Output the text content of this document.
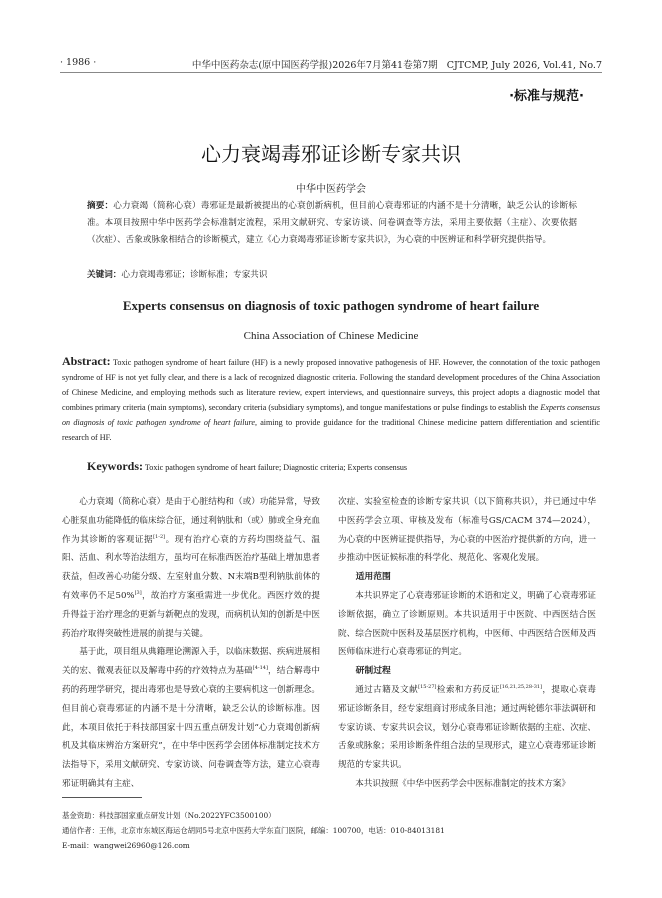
· 1986 ·	中华中医药杂志(原中国医药学报)2026年7月第41卷第7期 CJTCMP, July 2026, Vol.41, No.7
·标准与规范·
心力衰竭毒邪证诊断专家共识
中华中医药学会
摘要：心力衰竭（简称心衰）毒邪证是最新被提出的心衰创新病机，但目前心衰毒邪证的内涵不是十分清晰，缺乏公认的诊断标准。本项目按照中华中医药学会标准制定流程，采用文献研究、专家访谈、问卷调查等方法，采用主要依据（主症）、次要依据（次症）、舌象或脉象相结合的诊断模式，建立《心力衰竭毒邪证诊断专家共识》，为心衰的中医辨证和科学研究提供指导。
关键词：心力衰竭毒邪证；诊断标准；专家共识
Experts consensus on diagnosis of toxic pathogen syndrome of heart failure
China Association of Chinese Medicine
Abstract: Toxic pathogen syndrome of heart failure (HF) is a newly proposed innovative pathogenesis of HF. However, the connotation of the toxic pathogen syndrome of HF is not yet fully clear, and there is a lack of recognized diagnostic criteria. Following the standard development procedures of the China Association of Chinese Medicine, and employing methods such as literature review, expert interviews, and questionnaire surveys, this project adopts a diagnostic model that combines primary criteria (main symptoms), secondary criteria (subsidiary symptoms), and tongue manifestations or pulse findings to establish the Experts consensus on diagnosis of toxic pathogen syndrome of heart failure, aiming to provide guidance for the traditional Chinese medicine pattern differentiation and scientific research of HF.
Keywords: Toxic pathogen syndrome of heart failure; Diagnostic criteria; Experts consensus

心力衰竭（简称心衰）是由于心脏结构和（或）功能异常，导致心脏泵血功能降低的临床综合征，通过利钠肽和（或）肺或全身充血作为其诊断的客观证据[1-2]。现有治疗心衰的方药均围绕益气、温阳、活血、利水等治法组方，虽均可在标准西医治疗基础上增加患者获益，但改善心功能分级、左室射血分数、N末端B型利钠肽前体的有效率仍不足50%[3]，故治疗方案亟需进一步优化。西医疗效的提升得益于治疗理念的更新与新靶点的发现，而病机认知的创新是中医药治疗取得突破性进展的前提与关键。

基于此，项目组从典籍理论溯源入手，以临床数据、疾病进展相关的宏、微观表征以及解毒中药的疗效特点为基础[4-14]，结合解毒中药的药理学研究，提出毒邪也是导致心衰的主要病机这一创新理念。但目前心衰毒邪证的内涵不是十分清晰，缺乏公认的诊断标准。因此，本项目依托于科技部国家十四五重点研发计划“心力衰竭创新病机及其临床辨治方案研究”，在中华中医药学会团体标准制定技术方法指导下，采用文献研究、专家访谈、问卷调查等方法，建立心衰毒邪证明确其有主症、

次症、实验室检查的诊断专家共识（以下简称共识），并已通过中华中医药学会立项、审核及发布（标准号GS/CACM 374—2024），为心衰的中医辨证提供指导，为心衰的中医治疗提供新的方向，进一步推动中医证候标准的科学化、规范化、客观化发展。

适用范围

本共识界定了心衰毒邪证诊断的术语和定义，明确了心衰毒邪证诊断依据，确立了诊断原则。本共识适用于中医院、中西医结合医院、综合医院中医科及基层医疗机构，中医师、中西医结合医师及西医师临床进行心衰毒邪证的判定。

研制过程

通过古籍及文献[15-27]检索和方药反证[16,21,25,28-31]，提取心衰毒邪证诊断条目，经专家组商讨形成条目池；通过两轮德尔菲法调研和专家访谈、专家共识会议，划分心衰毒邪证诊断依据的主症、次症、舌象或脉象；采用诊断条件组合法的呈现形式，建立心衰毒邪证诊断规范的专家共识。

本共识按照《中华中医药学会中医标准制定的技术方案》

基金资助：科技部国家重点研发计划（No.2022YFC3500100）
通信作者：王伟，北京市东城区海运仓胡同5号北京中医药大学东直门医院，邮编：100700，电话：010-84013181
E-mail：wangwei26960@126.com
